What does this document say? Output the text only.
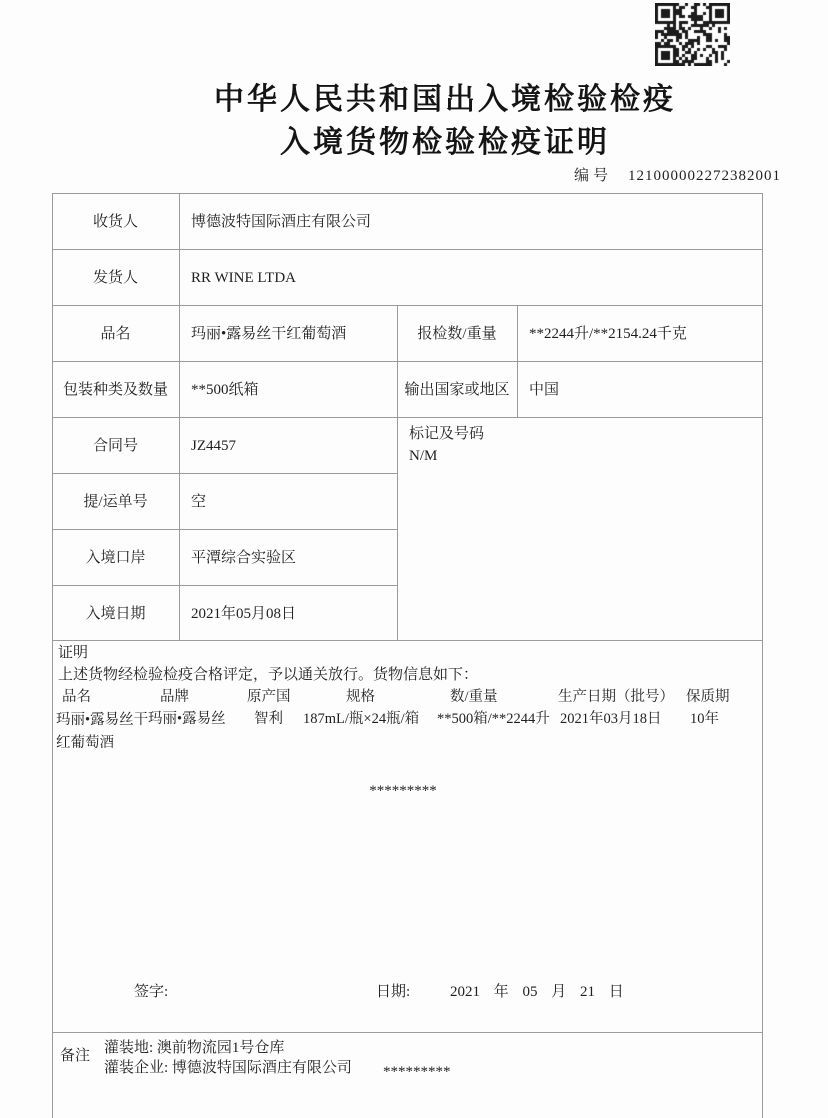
中华人民共和国出入境检验检疫
入境货物检验检疫证明
编号 121000002272382001
收货人	博德波特国际酒庄有限公司
发货人	RR WINE LTDA
品名	玛丽•露易丝干红葡萄酒	报检数/重量	**2244升/**2154.24千克
包装种类及数量	**500纸箱	输出国家或地区	中国
合同号	JZ4457
标记及号码
N/M
提/运单号	空
入境口岸	平潭综合实验区
入境日期	2021年05月08日
证明
上述货物经检验检疫合格评定，予以通关放行。货物信息如下：
品名	品牌	原产国	规格	数/重量	生产日期（批号） 保质期
玛丽•露易丝干红葡萄酒
玛丽•露易丝 智利 187mL/瓶×24瓶/箱 **500箱/**2244升 2021年03月18日 10年
*********
签字:	日期:	2021 年 05 月 21 日
备注 灌装地: 澳前物流园1号仓库
灌装企业: 博德波特国际酒庄有限公司 *********
